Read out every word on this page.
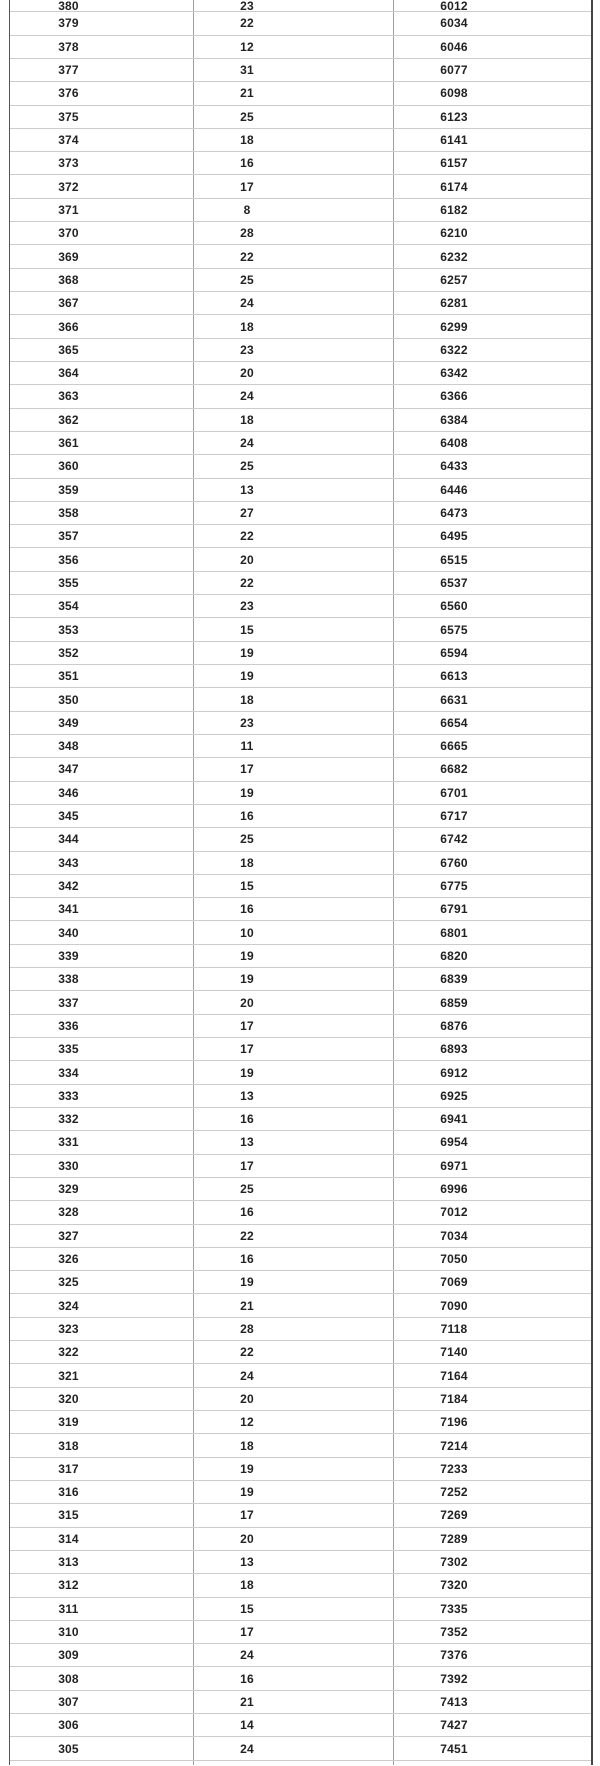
380	23	6012
379	22	6034
378	12	6046
377	31	6077
376	21	6098
375	25	6123
374	18	6141
373	16	6157
372	17	6174
371	8	6182
370	28	6210
369	22	6232
368	25	6257
367	24	6281
366	18	6299
365	23	6322
364	20	6342
363	24	6366
362	18	6384
361	24	6408
360	25	6433
359	13	6446
358	27	6473
357	22	6495
356	20	6515
355	22	6537
354	23	6560
353	15	6575
352	19	6594
351	19	6613
350	18	6631
349	23	6654
348	11	6665
347	17	6682
346	19	6701
345	16	6717
344	25	6742
343	18	6760
342	15	6775
341	16	6791
340	10	6801
339	19	6820
338	19	6839
337	20	6859
336	17	6876
335	17	6893
334	19	6912
333	13	6925
332	16	6941
331	13	6954
330	17	6971
329	25	6996
328	16	7012
327	22	7034
326	16	7050
325	19	7069
324	21	7090
323	28	7118
322	22	7140
321	24	7164
320	20	7184
319	12	7196
318	18	7214
317	19	7233
316	19	7252
315	17	7269
314	20	7289
313	13	7302
312	18	7320
311	15	7335
310	17	7352
309	24	7376
308	16	7392
307	21	7413
306	14	7427
305	24	7451
